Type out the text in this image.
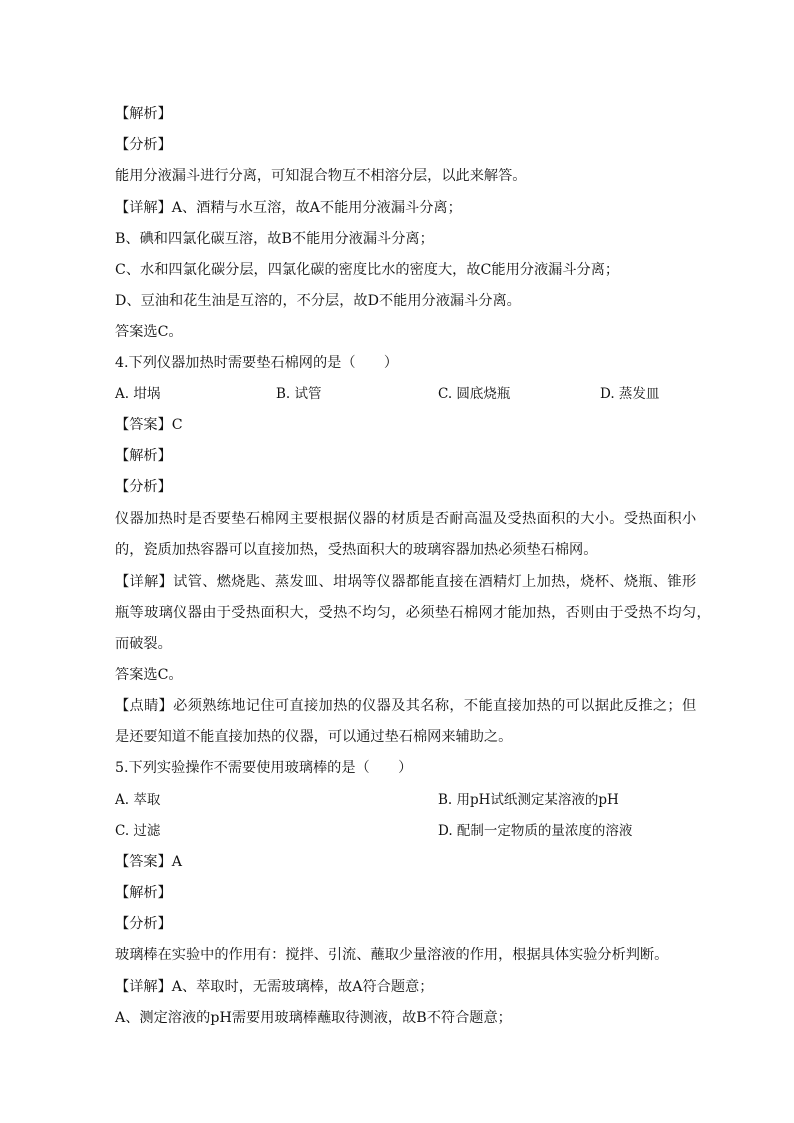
【解析】
【分析】
能用分液漏斗进行分离，可知混合物互不相溶分层，以此来解答。
【详解】A、酒精与水互溶，故A不能用分液漏斗分离；
B、碘和四氯化碳互溶，故B不能用分液漏斗分离；
C、水和四氯化碳分层，四氯化碳的密度比水的密度大，故C能用分液漏斗分离；
D、豆油和花生油是互溶的，不分层，故D不能用分液漏斗分离。
答案选C。
4.下列仪器加热时需要垫石棉网的是（　　）
A. 坩埚	B. 试管	C. 圆底烧瓶	D. 蒸发皿
【答案】C
【解析】
【分析】
仪器加热时是否要垫石棉网主要根据仪器的材质是否耐高温及受热面积的大小。受热面积小
的，瓷质加热容器可以直接加热，受热面积大的玻璃容器加热必须垫石棉网。
【详解】试管、燃烧匙、蒸发皿、坩埚等仪器都能直接在酒精灯上加热，烧杯、烧瓶、锥形
瓶等玻璃仪器由于受热面积大，受热不均匀，必须垫石棉网才能加热，否则由于受热不均匀，
而破裂。
答案选C。
【点睛】必须熟练地记住可直接加热的仪器及其名称，不能直接加热的可以据此反推之；但
是还要知道不能直接加热的仪器，可以通过垫石棉网来辅助之。
5.下列实验操作不需要使用玻璃棒的是（　　）
A. 萃取	B. 用pH试纸测定某溶液的pH
C. 过滤	D. 配制一定物质的量浓度的溶液
【答案】A
【解析】
【分析】
玻璃棒在实验中的作用有：搅拌、引流、蘸取少量溶液的作用，根据具体实验分析判断。
【详解】A、萃取时，无需玻璃棒，故A符合题意；
A、测定溶液的pH需要用玻璃棒蘸取待测液，故B不符合题意；
